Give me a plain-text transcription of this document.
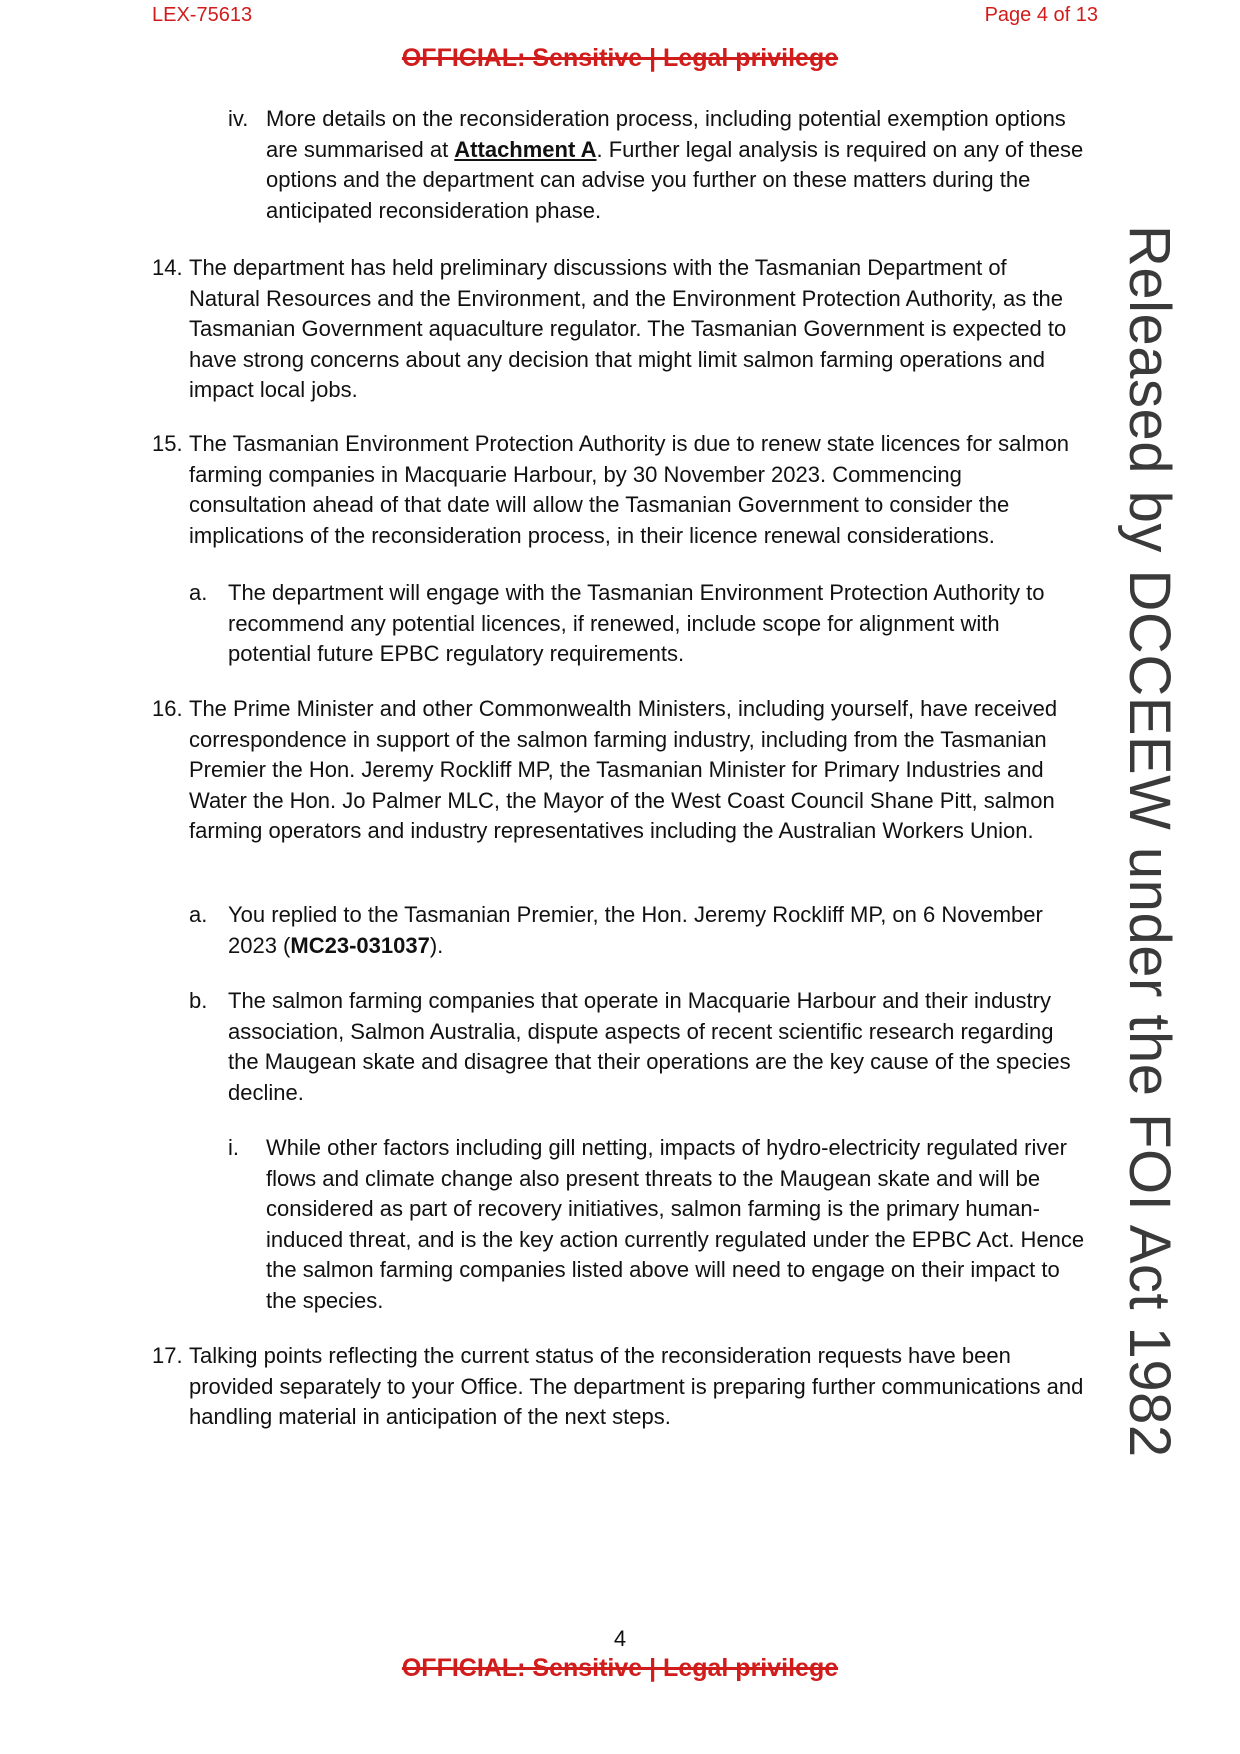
LEX-75613	Page 4 of 13
OFFICIAL: Sensitive | Legal privilege
iv. More details on the reconsideration process, including potential exemption options are summarised at Attachment A. Further legal analysis is required on any of these options and the department can advise you further on these matters during the anticipated reconsideration phase.
14. The department has held preliminary discussions with the Tasmanian Department of Natural Resources and the Environment, and the Environment Protection Authority, as the Tasmanian Government aquaculture regulator. The Tasmanian Government is expected to have strong concerns about any decision that might limit salmon farming operations and impact local jobs.
15. The Tasmanian Environment Protection Authority is due to renew state licences for salmon farming companies in Macquarie Harbour, by 30 November 2023. Commencing consultation ahead of that date will allow the Tasmanian Government to consider the implications of the reconsideration process, in their licence renewal considerations.
a. The department will engage with the Tasmanian Environment Protection Authority to recommend any potential licences, if renewed, include scope for alignment with potential future EPBC regulatory requirements.
16. The Prime Minister and other Commonwealth Ministers, including yourself, have received correspondence in support of the salmon farming industry, including from the Tasmanian Premier the Hon. Jeremy Rockliff MP, the Tasmanian Minister for Primary Industries and Water the Hon. Jo Palmer MLC, the Mayor of the West Coast Council Shane Pitt, salmon farming operators and industry representatives including the Australian Workers Union.
a. You replied to the Tasmanian Premier, the Hon. Jeremy Rockliff MP, on 6 November 2023 (MC23-031037).
b. The salmon farming companies that operate in Macquarie Harbour and their industry association, Salmon Australia, dispute aspects of recent scientific research regarding the Maugean skate and disagree that their operations are the key cause of the species decline.
i. While other factors including gill netting, impacts of hydro-electricity regulated river flows and climate change also present threats to the Maugean skate and will be considered as part of recovery initiatives, salmon farming is the primary human-induced threat, and is the key action currently regulated under the EPBC Act. Hence the salmon farming companies listed above will need to engage on their impact to the species.
17. Talking points reflecting the current status of the reconsideration requests have been provided separately to your Office. The department is preparing further communications and handling material in anticipation of the next steps.
4
OFFICIAL: Sensitive | Legal privilege
Released by DCCEEW under the FOI Act 1982
